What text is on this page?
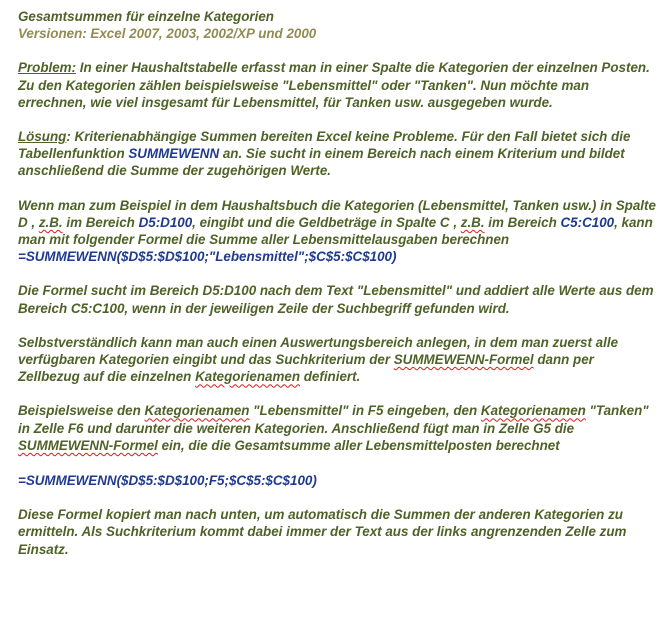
Gesamtsummen für einzelne Kategorien

Versionen: Excel 2007, 2003, 2002/XP und 2000

Problem: In einer Haushaltstabelle erfasst man in einer Spalte die Kategorien der einzelnen Posten. Zu den Kategorien zählen beispielsweise "Lebensmittel" oder "Tanken". Nun möchte man errechnen, wie viel insgesamt für Lebensmittel, für Tanken usw. ausgegeben wurde.

Lösung: Kriterienabhängige Summen bereiten Excel keine Probleme. Für den Fall bietet sich die Tabellenfunktion SUMMEWENN an. Sie sucht in einem Bereich nach einem Kriterium und bildet anschließend die Summe der zugehörigen Werte.

Wenn man zum Beispiel in dem Haushaltsbuch die Kategorien (Lebensmittel, Tanken usw.) in Spalte D , z.B. im Bereich D5:D100, eingibt und die Geldbeträge in Spalte C , z.B. im Bereich C5:C100, kann man mit folgender Formel die Summe aller Lebensmittelausgaben berechnen

=SUMMEWENN($D$5:$D$100;"Lebensmittel";$C$5:$C$100)

Die Formel sucht im Bereich D5:D100 nach dem Text "Lebensmittel" und addiert alle Werte aus dem Bereich C5:C100, wenn in der jeweiligen Zeile der Suchbegriff gefunden wird.

Selbstverständlich kann man auch einen Auswertungsbereich anlegen, in dem man zuerst alle verfügbaren Kategorien eingibt und das Suchkriterium der SUMMEWENN-Formel dann per Zellbezug auf die einzelnen Kategorienamen definiert.

Beispielsweise den Kategorienamen "Lebensmittel" in F5 eingeben, den Kategorienamen "Tanken" in Zelle F6 und darunter die weiteren Kategorien. Anschließend fügt man in Zelle G5 die SUMMEWENN-Formel ein, die die Gesamtsumme aller Lebensmittelposten berechnet

=SUMMEWENN($D$5:$D$100;F5;$C$5:$C$100)

Diese Formel kopiert man nach unten, um automatisch die Summen der anderen Kategorien zu ermitteln. Als Suchkriterium kommt dabei immer der Text aus der links angrenzenden Zelle zum Einsatz.
